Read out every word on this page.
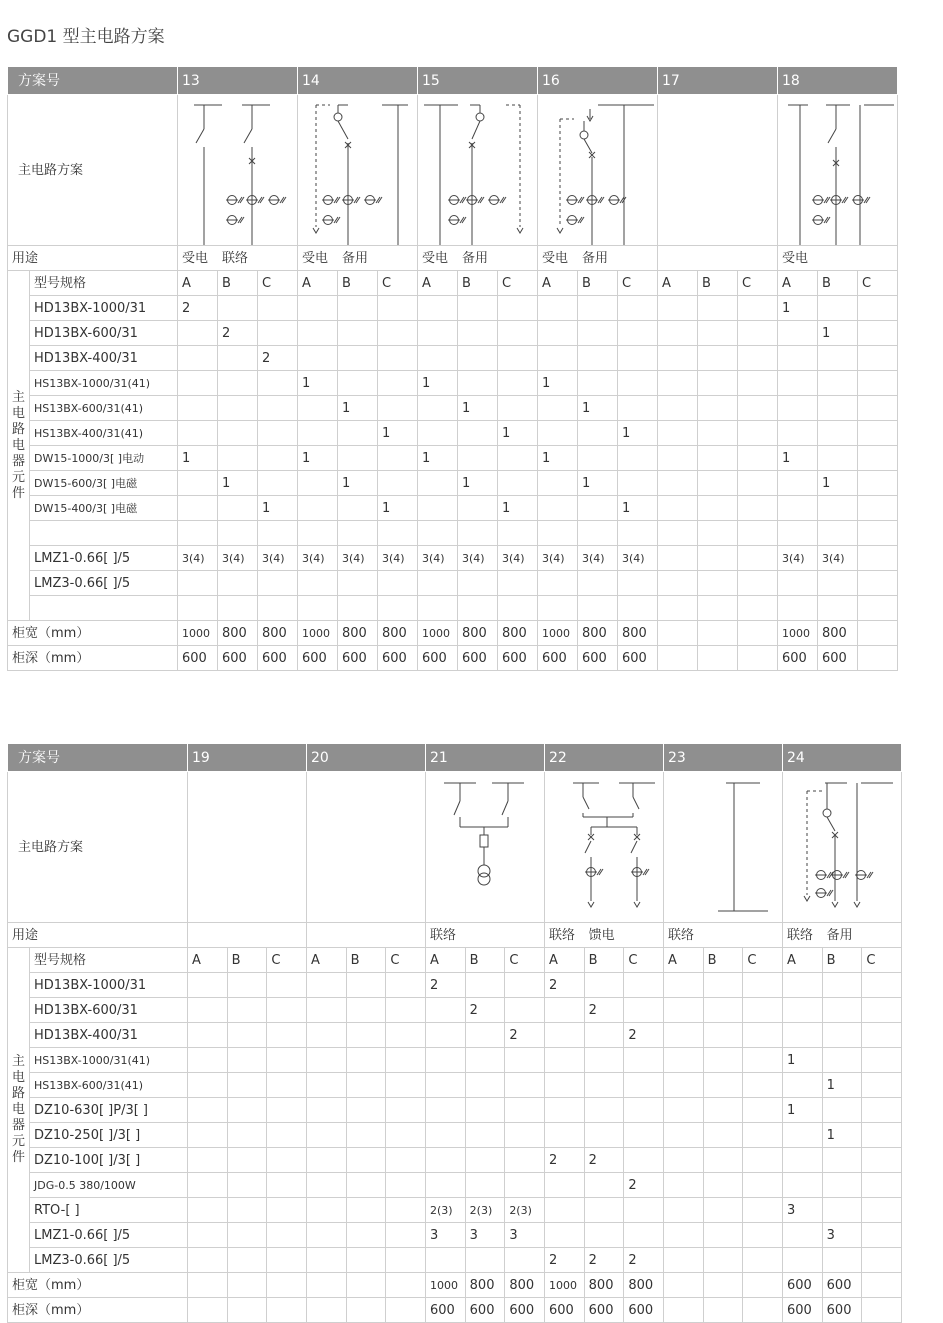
GGD1 型主电路方案
方案号		13			14			15			16			17			18		
主电路方案	

用途		受电	联络		受电	备用		受电	备用		受电	备用					受电		
主电路电器元件	型号规格	A	B	C	A	B	C	A	B	C	A	B	C	A	B	C	A	B	C
	HD13BX-1000/31	2															1		
	HD13BX-600/31		2															1	
	HD13BX-400/31			2															
	HS13BX-1000/31(41)				1			1			1								
	HS13BX-600/31(41)					1			1			1							
	HS13BX-400/31(41)						1			1			1						
	DW15-1000/3[ ]电动	1			1			1			1						1		
	DW15-600/3[ ]电磁		1			1			1			1						1	
	DW15-400/3[ ]电磁			1			1			1			1						

	LMZ1-0.66[ ]/5	3(4)	3(4)	3(4)	3(4)	3(4)	3(4)	3(4)	3(4)	3(4)	3(4)	3(4)	3(4)				3(4)	3(4)	
	LMZ3-0.66[ ]/5																		

柜宽（mm）		1000	800	800	1000	800	800	1000	800	800	1000	800	800				1000	800	
柜深（mm）		600	600	600	600	600	600	600	600	600	600	600	600				600	600	
方案号		19			20			21			22			23			24		
主电路方案	

用途								联络			联络	馈电		联络			联络	备用	
主电路电器元件	型号规格	A	B	C	A	B	C	A	B	C	A	B	C	A	B	C	A	B	C
	HD13BX-1000/31							2			2								
	HD13BX-600/31								2			2							
	HD13BX-400/31									2			2						
	HS13BX-1000/31(41)																1		
	HS13BX-600/31(41)																	1	
	DZ10-630[ ]P/3[ ]																1		
	DZ10-250[ ]/3[ ]																	1	
	DZ10-100[ ]/3[ ]										2	2							
	JDG-0.5 380/100W												2						
	RTO-[ ]							2(3)	2(3)	2(3)							3		
	LMZ1-0.66[ ]/5							3	3	3								3	
	LMZ3-0.66[ ]/5										2	2	2						
柜宽（mm）								1000	800	800	1000	800	800				600	600	
柜深（mm）								600	600	600	600	600	600				600	600	
